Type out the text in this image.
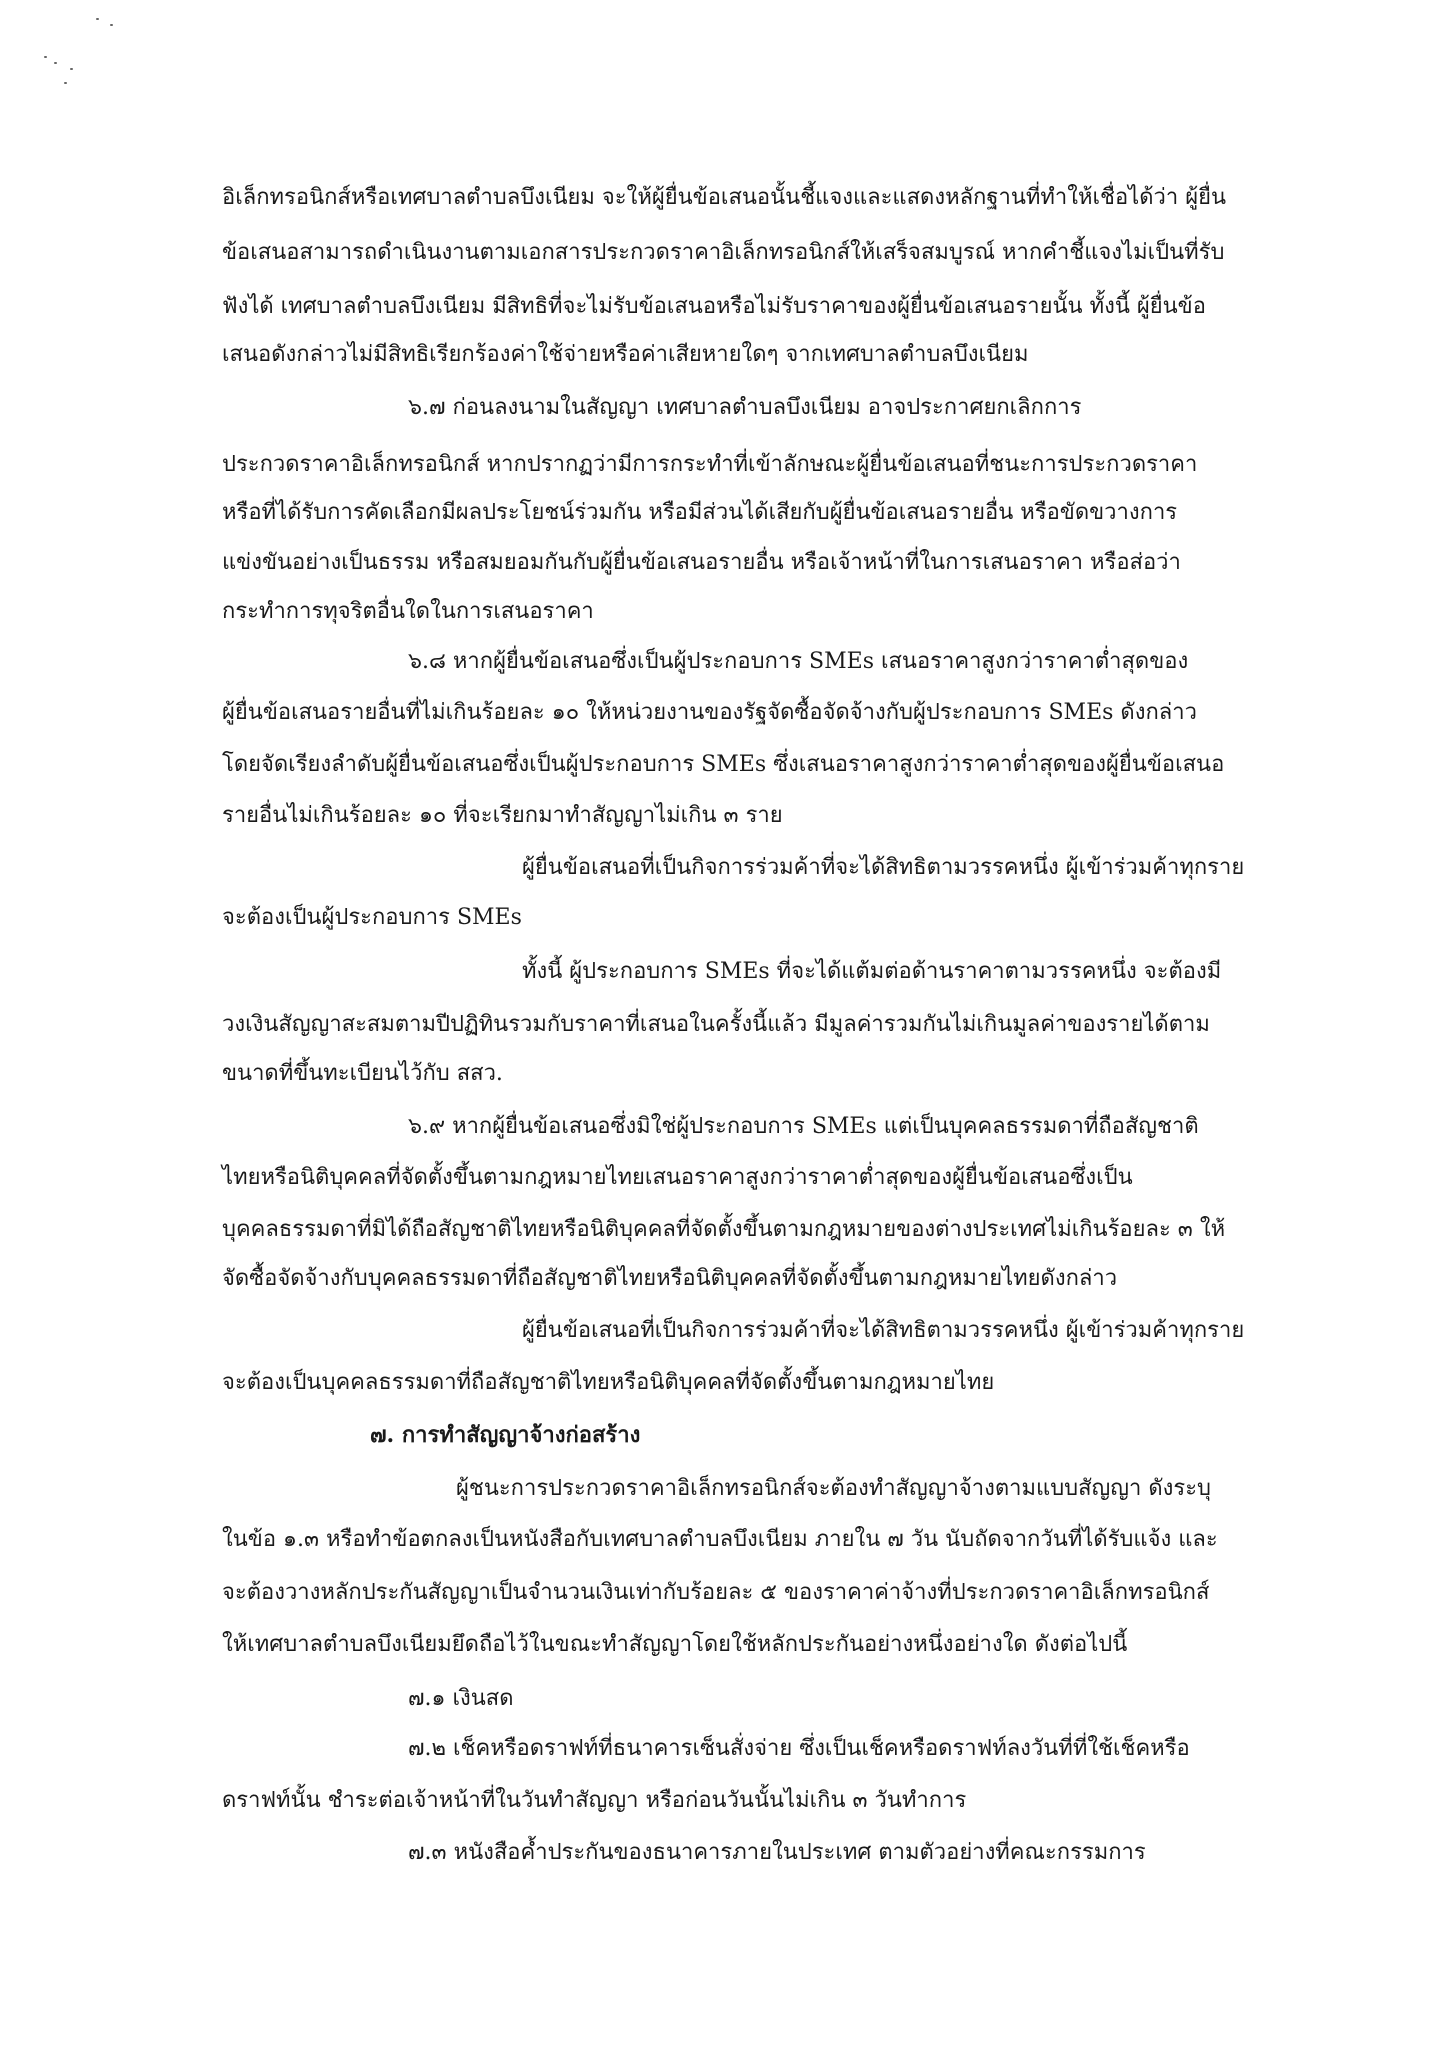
อิเล็กทรอนิกส์หรือเทศบาลตำบลบึงเนียม จะให้ผู้ยื่นข้อเสนอนั้นชี้แจงและแสดงหลักฐานที่ทำให้เชื่อได้ว่า ผู้ยื่น
ข้อเสนอสามารถดำเนินงานตามเอกสารประกวดราคาอิเล็กทรอนิกส์ให้เสร็จสมบูรณ์ หากคำชี้แจงไม่เป็นที่รับ
ฟังได้ เทศบาลตำบลบึงเนียม มีสิทธิที่จะไม่รับข้อเสนอหรือไม่รับราคาของผู้ยื่นข้อเสนอรายนั้น ทั้งนี้ ผู้ยื่นข้อ
เสนอดังกล่าวไม่มีสิทธิเรียกร้องค่าใช้จ่ายหรือค่าเสียหายใดๆ จากเทศบาลตำบลบึงเนียม
๖.๗ ก่อนลงนามในสัญญา เทศบาลตำบลบึงเนียม อาจประกาศยกเลิกการ
ประกวดราคาอิเล็กทรอนิกส์ หากปรากฏว่ามีการกระทำที่เข้าลักษณะผู้ยื่นข้อเสนอที่ชนะการประกวดราคา
หรือที่ได้รับการคัดเลือกมีผลประโยชน์ร่วมกัน หรือมีส่วนได้เสียกับผู้ยื่นข้อเสนอรายอื่น หรือขัดขวางการ
แข่งขันอย่างเป็นธรรม หรือสมยอมกันกับผู้ยื่นข้อเสนอรายอื่น หรือเจ้าหน้าที่ในการเสนอราคา หรือส่อว่า
กระทำการทุจริตอื่นใดในการเสนอราคา
๖.๘ หากผู้ยื่นข้อเสนอซึ่งเป็นผู้ประกอบการ SMEs เสนอราคาสูงกว่าราคาต่ำสุดของ
ผู้ยื่นข้อเสนอรายอื่นที่ไม่เกินร้อยละ ๑๐ ให้หน่วยงานของรัฐจัดซื้อจัดจ้างกับผู้ประกอบการ SMEs ดังกล่าว
โดยจัดเรียงลำดับผู้ยื่นข้อเสนอซึ่งเป็นผู้ประกอบการ SMEs ซึ่งเสนอราคาสูงกว่าราคาต่ำสุดของผู้ยื่นข้อเสนอ
รายอื่นไม่เกินร้อยละ ๑๐ ที่จะเรียกมาทำสัญญาไม่เกิน ๓ ราย
ผู้ยื่นข้อเสนอที่เป็นกิจการร่วมค้าที่จะได้สิทธิตามวรรคหนึ่ง ผู้เข้าร่วมค้าทุกราย
จะต้องเป็นผู้ประกอบการ SMEs
ทั้งนี้ ผู้ประกอบการ SMEs ที่จะได้แต้มต่อด้านราคาตามวรรคหนึ่ง จะต้องมี
วงเงินสัญญาสะสมตามปีปฏิทินรวมกับราคาที่เสนอในครั้งนี้แล้ว มีมูลค่ารวมกันไม่เกินมูลค่าของรายได้ตาม
ขนาดที่ขึ้นทะเบียนไว้กับ สสว.
๖.๙ หากผู้ยื่นข้อเสนอซึ่งมิใช่ผู้ประกอบการ SMEs แต่เป็นบุคคลธรรมดาที่ถือสัญชาติ
ไทยหรือนิติบุคคลที่จัดตั้งขึ้นตามกฎหมายไทยเสนอราคาสูงกว่าราคาต่ำสุดของผู้ยื่นข้อเสนอซึ่งเป็น
บุคคลธรรมดาที่มิได้ถือสัญชาติไทยหรือนิติบุคคลที่จัดตั้งขึ้นตามกฎหมายของต่างประเทศไม่เกินร้อยละ ๓ ให้
จัดซื้อจัดจ้างกับบุคคลธรรมดาที่ถือสัญชาติไทยหรือนิติบุคคลที่จัดตั้งขึ้นตามกฎหมายไทยดังกล่าว
ผู้ยื่นข้อเสนอที่เป็นกิจการร่วมค้าที่จะได้สิทธิตามวรรคหนึ่ง ผู้เข้าร่วมค้าทุกราย
จะต้องเป็นบุคคลธรรมดาที่ถือสัญชาติไทยหรือนิติบุคคลที่จัดตั้งขึ้นตามกฎหมายไทย
๗. การทำสัญญาจ้างก่อสร้าง
ผู้ชนะการประกวดราคาอิเล็กทรอนิกส์จะต้องทำสัญญาจ้างตามแบบสัญญา ดังระบุ
ในข้อ ๑.๓ หรือทำข้อตกลงเป็นหนังสือกับเทศบาลตำบลบึงเนียม ภายใน ๗ วัน นับถัดจากวันที่ได้รับแจ้ง และ
จะต้องวางหลักประกันสัญญาเป็นจำนวนเงินเท่ากับร้อยละ ๕ ของราคาค่าจ้างที่ประกวดราคาอิเล็กทรอนิกส์
ให้เทศบาลตำบลบึงเนียมยึดถือไว้ในขณะทำสัญญาโดยใช้หลักประกันอย่างหนึ่งอย่างใด ดังต่อไปนี้
๗.๑ เงินสด
๗.๒ เช็คหรือดราฟท์ที่ธนาคารเซ็นสั่งจ่าย ซึ่งเป็นเช็คหรือดราฟท์ลงวันที่ที่ใช้เช็คหรือ
ดราฟท์นั้น ชำระต่อเจ้าหน้าที่ในวันทำสัญญา หรือก่อนวันนั้นไม่เกิน ๓ วันทำการ
๗.๓ หนังสือค้ำประกันของธนาคารภายในประเทศ ตามตัวอย่างที่คณะกรรมการ
